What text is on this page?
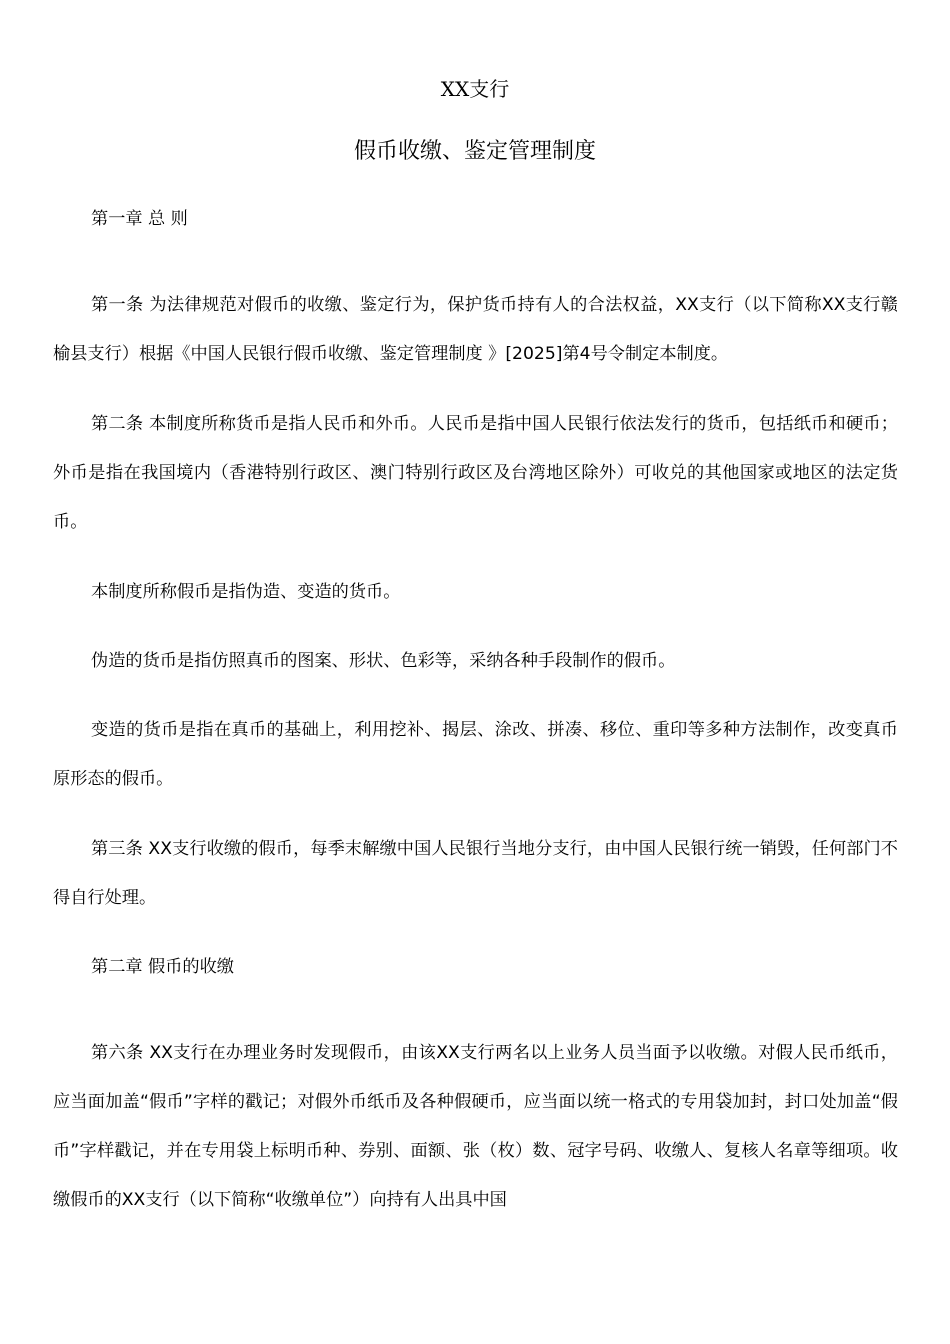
XX支行
假币收缴、鉴定管理制度

第一章 总 则

第一条 为法律规范对假币的收缴、鉴定行为，保护货币持有人的合法权益，XX支行（以下简称XX支行赣榆县支行）根据《中国人民银行假币收缴、鉴定管理制度 》[2025]第4号令制定本制度。

第二条 本制度所称货币是指人民币和外币。人民币是指中国人民银行依法发行的货币，包括纸币和硬币；外币是指在我国境内（香港特别行政区、澳门特别行政区及台湾地区除外）可收兑的其他国家或地区的法定货币。

本制度所称假币是指伪造、变造的货币。

伪造的货币是指仿照真币的图案、形状、色彩等，采纳各种手段制作的假币。

变造的货币是指在真币的基础上，利用挖补、揭层、涂改、拼凑、移位、重印等多种方法制作，改变真币原形态的假币。

第三条 XX支行收缴的假币，每季末解缴中国人民银行当地分支行，由中国人民银行统一销毁，任何部门不得自行处理。

第二章 假币的收缴

第六条 XX支行在办理业务时发现假币，由该XX支行两名以上业务人员当面予以收缴。对假人民币纸币，应当面加盖“假币”字样的戳记；对假外币纸币及各种假硬币，应当面以统一格式的专用袋加封，封口处加盖“假币”字样戳记，并在专用袋上标明币种、券别、面额、张（枚）数、冠字号码、收缴人、复核人名章等细项。收缴假币的XX支行（以下简称“收缴单位”）向持有人出具中国
